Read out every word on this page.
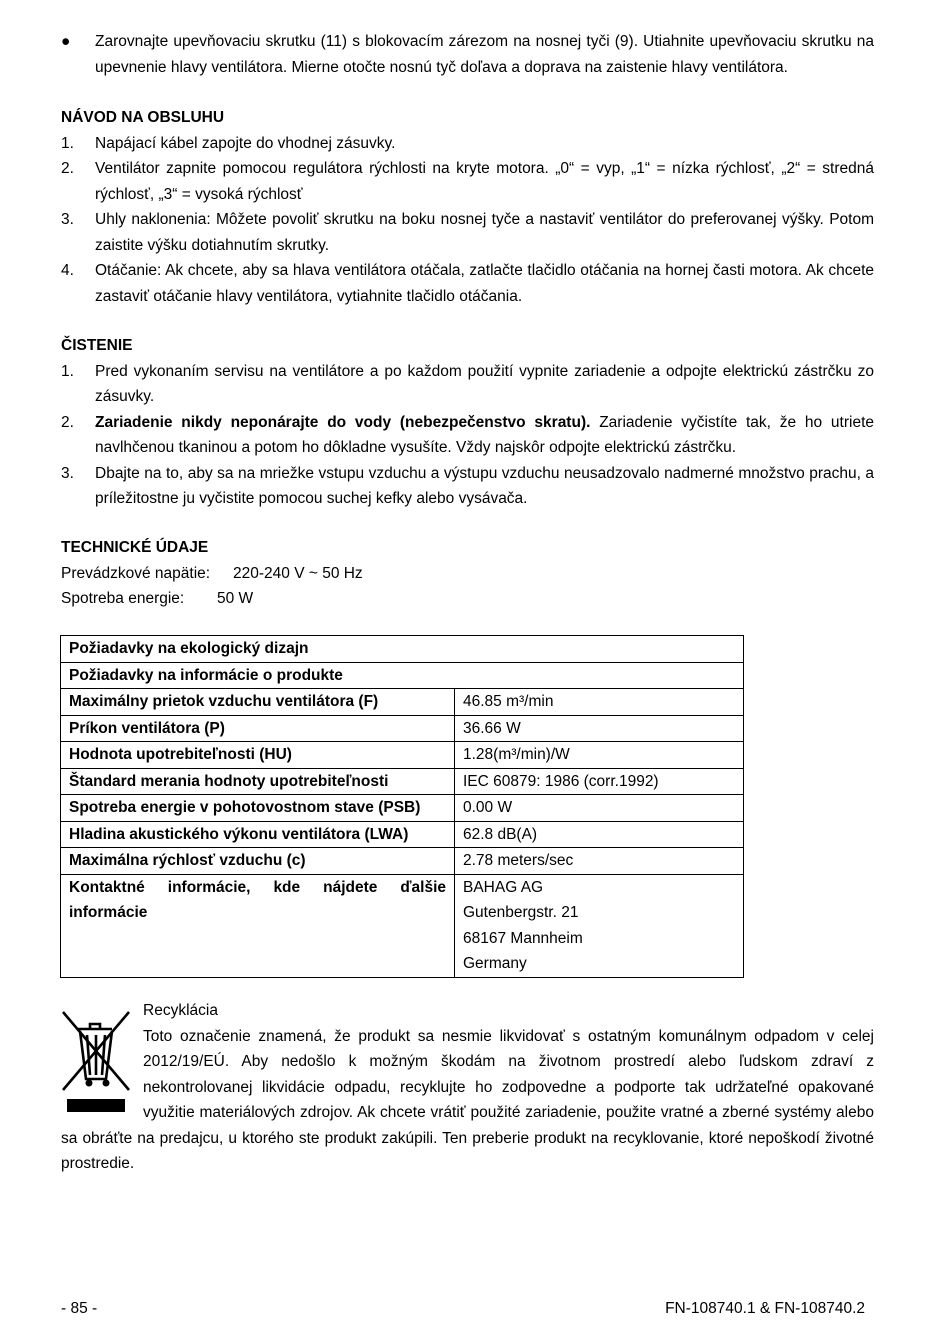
●	Zarovnajte upevňovaciu skrutku (11) s blokovacím zárezom na nosnej tyči (9). Utiahnite upevňovaciu skrutku na upevnenie hlavy ventilátora. Mierne otočte nosnú tyč doľava a doprava na zaistenie hlavy ventilátora.
NÁVOD NA OBSLUHU
1.	Napájací kábel zapojte do vhodnej zásuvky.
2.	Ventilátor zapnite pomocou regulátora rýchlosti na kryte motora. „0“ = vyp, „1“ = nízka rýchlosť, „2“ = stredná rýchlosť, „3“ = vysoká rýchlosť
3.	Uhly naklonenia: Môžete povoliť skrutku na boku nosnej tyče a nastaviť ventilátor do preferovanej výšky. Potom zaistite výšku dotiahnutím skrutky.
4.	Otáčanie: Ak chcete, aby sa hlava ventilátora otáčala, zatlačte tlačidlo otáčania na hornej časti motora. Ak chcete zastaviť otáčanie hlavy ventilátora, vytiahnite tlačidlo otáčania.
ČISTENIE
1.	Pred vykonaním servisu na ventilátore a po každom použití vypnite zariadenie a odpojte elektrickú zástrčku zo zásuvky.
2.	Zariadenie nikdy neponárajte do vody (nebezpečenstvo skratu). Zariadenie vyčistíte tak, že ho utriete navlhčenou tkaninou a potom ho dôkladne vysušíte. Vždy najskôr odpojte elektrickú zástrčku.
3.	Dbajte na to, aby sa na mriežke vstupu vzduchu a výstupu vzduchu neusadzovalo nadmerné množstvo prachu, a príležitostne ju vyčistite pomocou suchej kefky alebo vysávača.
TECHNICKÉ ÚDAJE
Prevádzkové napätie:	220-240 V ~ 50 Hz
Spotreba energie:	50 W
Požiadavky na ekologický dizajn	
Požiadavky na informácie o produkte	
Maximálny prietok vzduchu ventilátora (F)	46.85 m³/min
Príkon ventilátora (P)	36.66 W
Hodnota upotrebiteľnosti (HU)	1.28(m³/min)/W
Štandard merania hodnoty upotrebiteľnosti	IEC 60879: 1986 (corr.1992)
Spotreba energie v pohotovostnom stave (PSB)	0.00 W
Hladina akustického výkonu ventilátora (LWA)	62.8 dB(A)
Maximálna rýchlosť vzduchu (c)	2.78 meters/sec

Kontaktné informácie, kde nájdete ďalšie informácie	BAHAG AG
Gutenbergstr. 21
68167 Mannheim
Germany

Recyklácia

Toto označenie znamená, že produkt sa nesmie likvidovať s ostatným komunálnym odpadom v celej 2012/19/EÚ. Aby nedošlo k možným škodám na životnom prostredí alebo ľudskom zdraví z nekontrolovanej likvidácie odpadu, recyklujte ho zodpovedne a podporte tak udržateľné opakované využitie materiálových zdrojov. Ak chcete vrátiť použité zariadenie, použite vratné a zberné systémy alebo sa obráťte na predajcu, u ktorého ste produkt zakúpili. Ten preberie produkt na recyklovanie, ktoré nepoškodí životné prostredie.

- 85 -	FN-108740.1 & FN-108740.2
